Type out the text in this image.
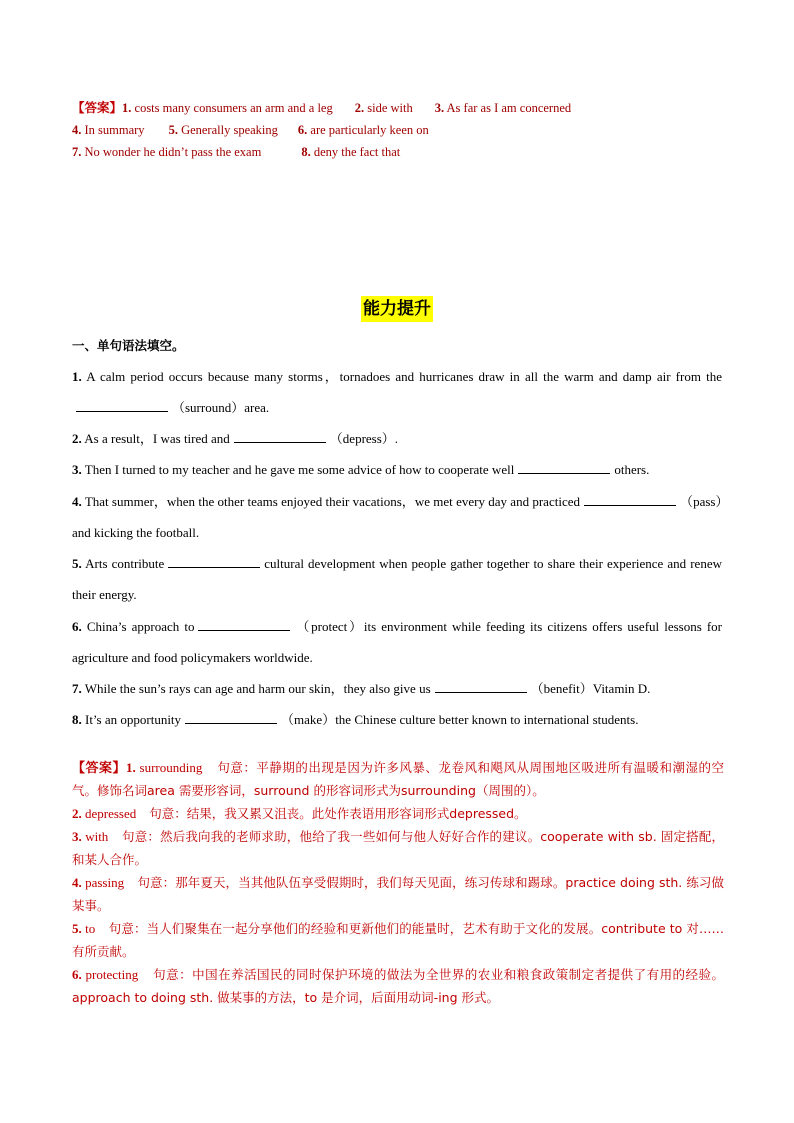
【答案】1. costs many consumers an arm and a leg 2. side with 3. As far as I am concerned
4. In summary 5. Generally speaking 6. are particularly keen on
7. No wonder he didn’t pass the exam	8. deny the fact that
能力提升
一、单句语法填空。
1. A calm period occurs because many storms，tornadoes and hurricanes draw in all the warm and damp air from the（surround）area.
2. As a result，I was tired and	（depress）.
3. Then I turned to my teacher and he gave me some advice of how to cooperate well	others.
4. That summer，when the other teams enjoyed their vacations，we met every day and practiced	（pass）and kicking the football.
5. Arts contribute	cultural development when people gather together to share their experience and renew their energy.
6. China’s approach to	（protect）its environment while feeding its citizens offers useful lessons for agriculture and food policymakers worldwide.
7. While the sun’s rays can age and harm our skin，they also give us	（benefit）Vitamin D.
8. It’s an opportunity	（make）the Chinese culture better known to international students.
【答案】1. surrounding 句意：平静期的出现是因为许多风暴、龙卷风和飓风从周围地区吸进所有温暖和潮湿的空气。修饰名词area 需要形容词，surround 的形容词形式为surrounding（周围的）。
2. depressed 句意：结果，我又累又沮丧。此处作表语用形容词形式depressed。
3. with 句意：然后我向我的老师求助，他给了我一些如何与他人好好合作的建议。cooperate with sb. 固定搭配，和某人合作。
4. passing 句意：那年夏天，当其他队伍享受假期时，我们每天见面，练习传球和踢球。practice doing sth. 练习做某事。
5. to 句意：当人们聚集在一起分享他们的经验和更新他们的能量时，艺术有助于文化的发展。contribute to 对……有所贡献。
6. protecting 句意：中国在养活国民的同时保护环境的做法为全世界的农业和粮食政策制定者提供了有用的经验。approach to doing sth. 做某事的方法，to 是介词，后面用动词-ing 形式。
